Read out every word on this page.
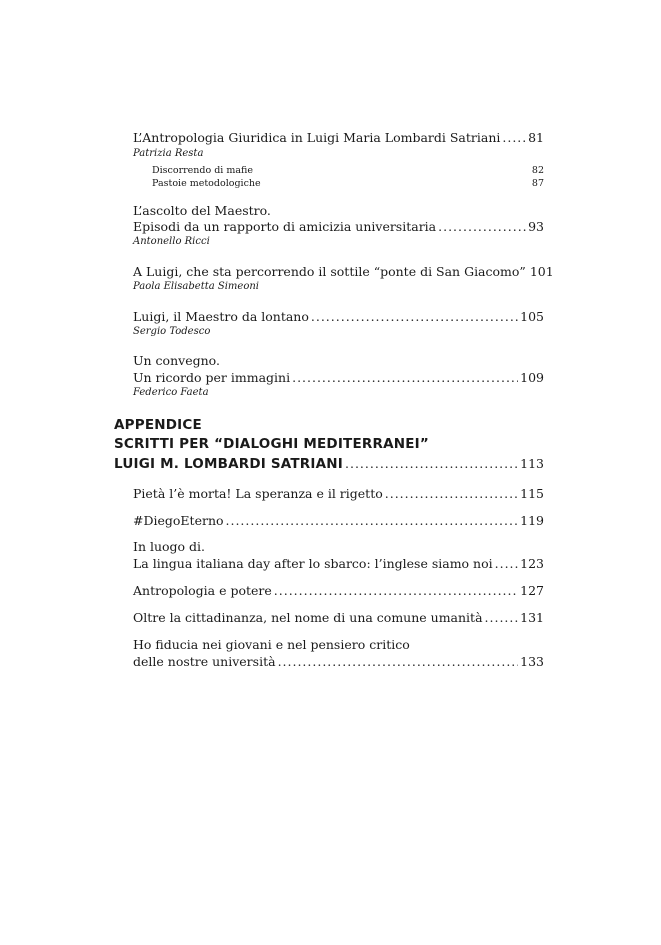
L’Antropologia Giuridica in Luigi Maria Lombardi Satriani ..... 81
Patrizia Resta
Discorrendo di mafie	82
Pastoie metodologiche	87
L’ascolto del Maestro.
Episodi da un rapporto di amicizia universitaria .....	93
Antonello Ricci
A Luigi, che sta percorrendo il sottile “ponte di San Giacomo” 101
Paola Elisabetta Simeoni
Luigi, il Maestro da lontano .....	105
Sergio Todesco
Un convegno.
Un ricordo per immagini .....	109
Federico Faeta
APPENDICE
SCRITTI PER “DIALOGHI MEDITERRANEI”
LUIGI M. LOMBARDI SATRIANI .....	113
Pietà l’è morta! La speranza e il rigetto .....	115
#DiegoEterno .....	119
In luogo di.
La lingua italiana day after lo sbarco: l’inglese siamo noi ..... 123
Antropologia e potere .....	127
Oltre la cittadinanza, nel nome di una comune umanità .....	131
Ho fiducia nei giovani e nel pensiero critico
delle nostre università .....	133
